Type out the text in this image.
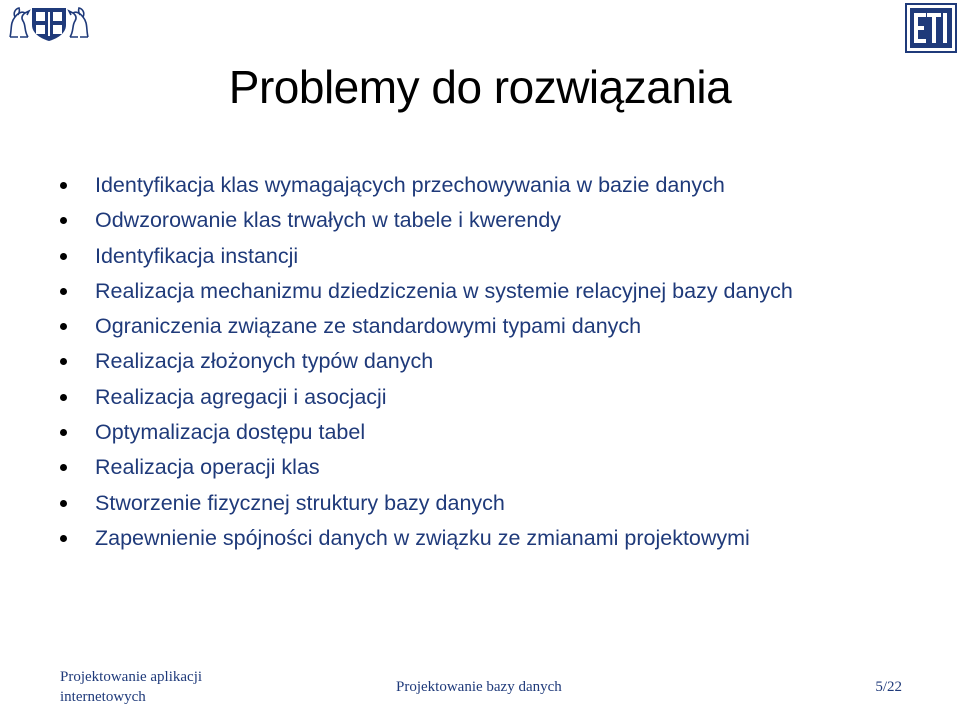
Problemy do rozwiązania
Identyfikacja klas wymagających przechowywania w bazie danych
Odwzorowanie klas trwałych w tabele i kwerendy
Identyfikacja instancji
Realizacja mechanizmu dziedziczenia w systemie relacyjnej bazy danych
Ograniczenia związane ze standardowymi typami danych
Realizacja złożonych typów danych
Realizacja agregacji i asocjacji
Optymalizacja dostępu tabel
Realizacja operacji klas
Stworzenie fizycznej struktury bazy danych
Zapewnienie spójności danych w związku ze zmianami projektowymi
Projektowanie aplikacji
internetowych
Projektowanie bazy danych	5/22
